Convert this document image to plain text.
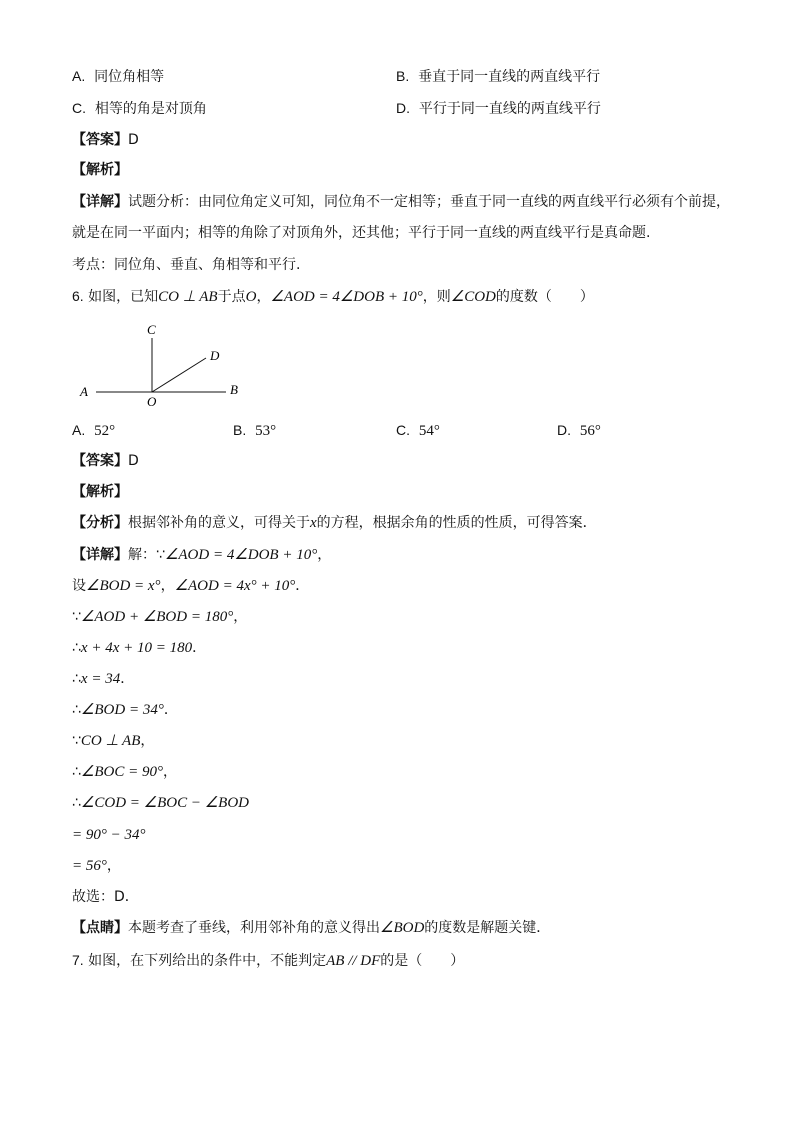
A. 同位角相等	B. 垂直于同一直线的两直线平行
C. 相等的角是对顶角	D. 平行于同一直线的两直线平行
【答案】D
【解析】
【详解】试题分析：由同位角定义可知，同位角不一定相等；垂直于同一直线的两直线平行必须有个前提，
就是在同一平面内；相等的角除了对顶角外，还其他；平行于同一直线的两直线平行是真命题.
考点：同位角、垂直、角相等和平行.
6. 如图，已知CO ⊥ AB于点O，∠AOD = 4∠DOB + 10°，则∠COD的度数（　　）
A	B
C
D
O
A. 52°	B. 53°	C. 54°	D. 56°
【答案】D
【解析】
【分析】根据邻补角的意义，可得关于x的方程，根据余角的性质的性质，可得答案．
【详解】解：∵∠AOD = 4∠DOB + 10°，
设∠BOD = x°，∠AOD = 4x° + 10°．
∵∠AOD + ∠BOD = 180°，
∴x + 4x + 10 = 180．
∴x = 34．
∴∠BOD = 34°．
∵CO ⊥ AB，
∴∠BOC = 90°，
∴∠COD = ∠BOC − ∠BOD
= 90° − 34°
= 56°，
故选：D．
【点睛】本题考查了垂线，利用邻补角的意义得出∠BOD的度数是解题关键．
7. 如图，在下列给出的条件中，不能判定AB // DF的是（　　）
